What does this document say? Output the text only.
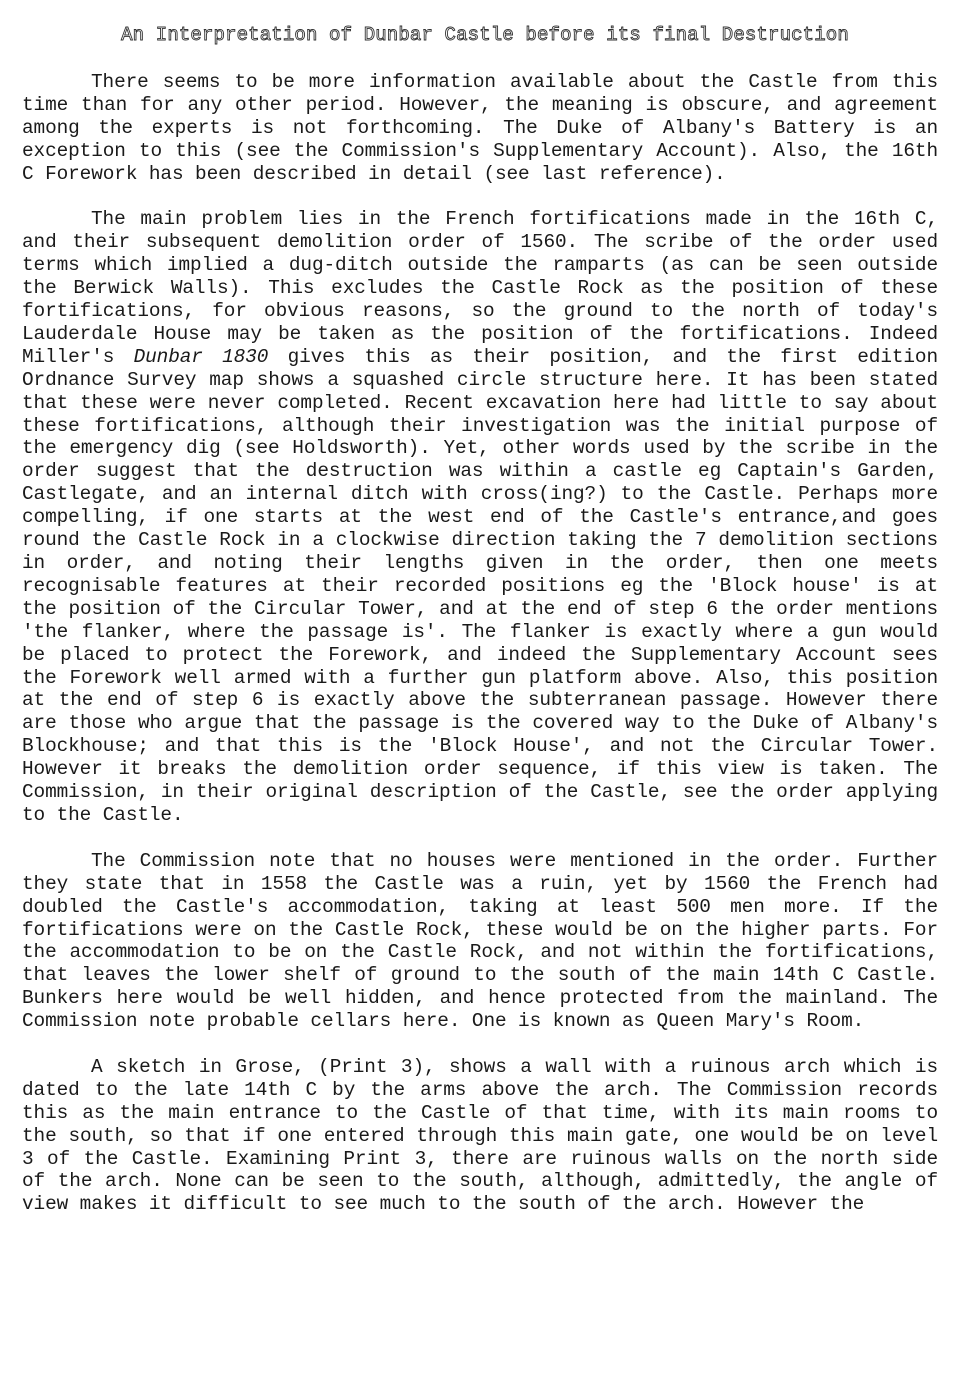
An Interpretation of Dunbar Castle before its final Destruction

There seems to be more information available about the Castle from this time than for any other period. However, the meaning is obscure, and agreement among the experts is not forthcoming. The Duke of Albany's Battery is an exception to this (see the Commission's Supplementary Account). Also, the 16th C Forework has been described in detail (see last reference).

The main problem lies in the French fortifications made in the 16th C, and their subsequent demolition order of 1560. The scribe of the order used terms which implied a dug-ditch outside the ramparts (as can be seen outside the Berwick Walls). This excludes the Castle Rock as the position of these fortifications, for obvious reasons, so the ground to the north of today's Lauderdale House may be taken as the position of the fortifications. Indeed Miller's Dunbar 1830 gives this as their position, and the first edition Ordnance Survey map shows a squashed circle structure here. It has been stated that these were never completed. Recent excavation here had little to say about these fortifications, although their investigation was the initial purpose of the emergency dig (see Holdsworth). Yet, other words used by the scribe in the order suggest that the destruction was within a castle eg Captain's Garden, Castlegate, and an internal ditch with cross(ing?) to the Castle. Perhaps more compelling, if one starts at the west end of the Castle's entrance,and goes round the Castle Rock in a clockwise direction taking the 7 demolition sections in order, and noting their lengths given in the order, then one meets recognisable features at their recorded positions eg the 'Block house' is at the position of the Circular Tower, and at the end of step 6 the order mentions 'the flanker, where the passage is'. The flanker is exactly where a gun would be placed to protect the Forework, and indeed the Supplementary Account sees the Forework well armed with a further gun platform above. Also, this position at the end of step 6 is exactly above the subterranean passage. However there are those who argue that the passage is the covered way to the Duke of Albany's Blockhouse; and that this is the 'Block House', and not the Circular Tower. However it breaks the demolition order sequence, if this view is taken. The Commission, in their original description of the Castle, see the order applying to the Castle.

The Commission note that no houses were mentioned in the order. Further they state that in 1558 the Castle was a ruin, yet by 1560 the French had doubled the Castle's accommodation, taking at least 500 men more. If the fortifications were on the Castle Rock, these would be on the higher parts. For the accommodation to be on the Castle Rock, and not within the fortifications, that leaves the lower shelf of ground to the south of the main 14th C Castle. Bunkers here would be well hidden, and hence protected from the mainland. The Commission note probable cellars here. One is known as Queen Mary's Room.

A sketch in Grose, (Print 3), shows a wall with a ruinous arch which is dated to the late 14th C by the arms above the arch. The Commission records this as the main entrance to the Castle of that time, with its main rooms to the south, so that if one entered through this main gate, one would be on level 3 of the Castle. Examining Print 3, there are ruinous walls on the north side of the arch. None can be seen to the south, although, admittedly, the angle of view makes it difficult to see much to the south of the arch. However the
